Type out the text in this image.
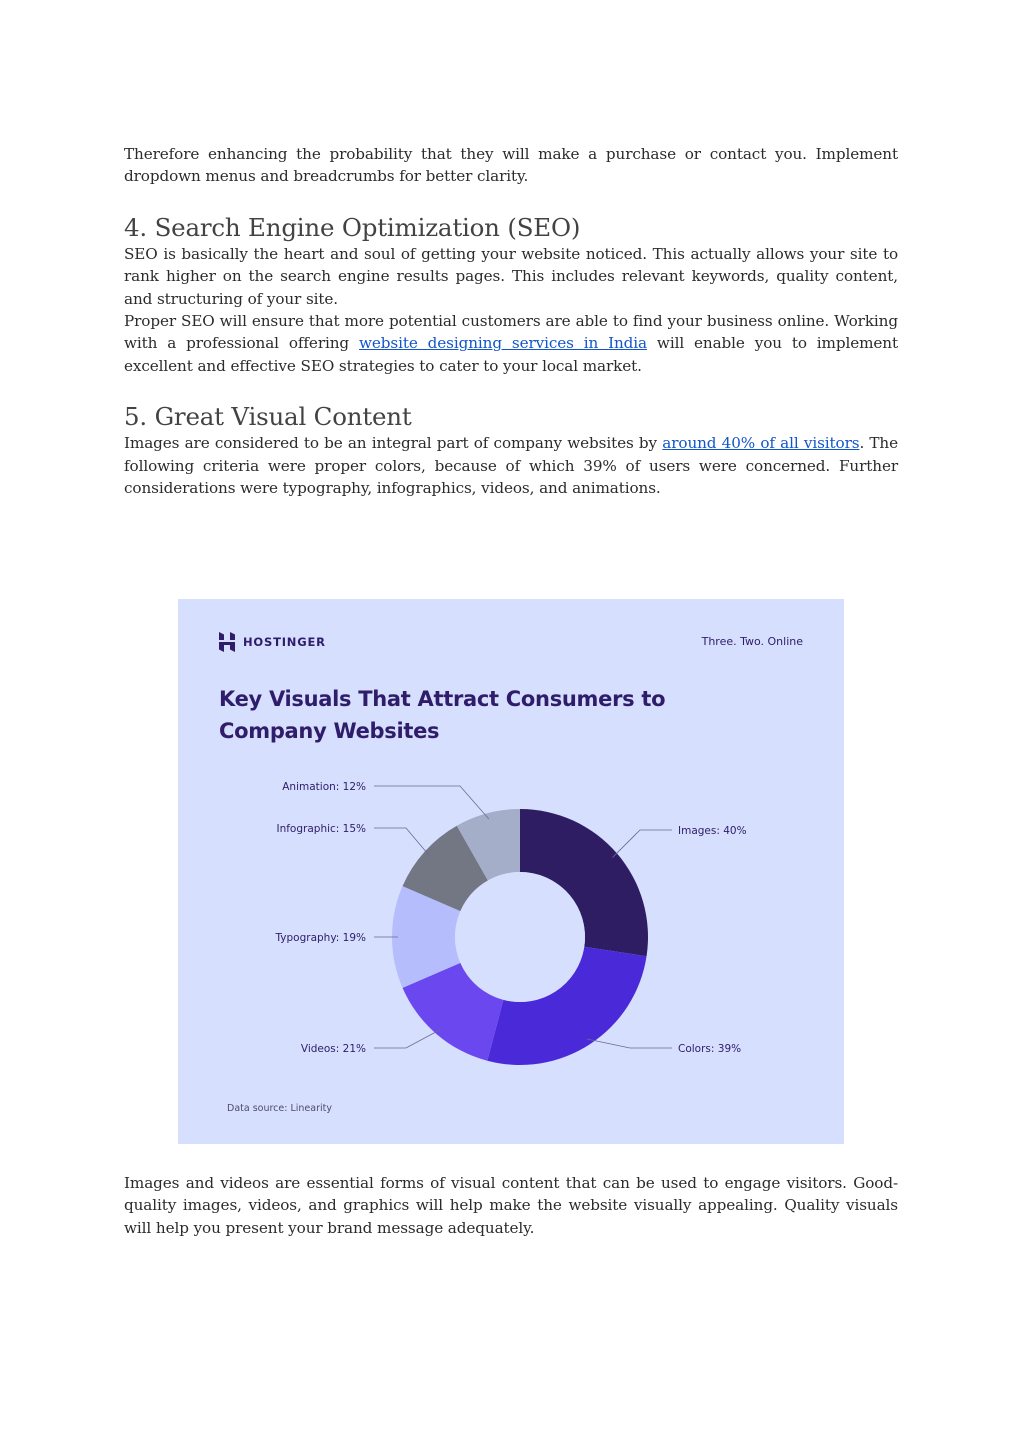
Therefore enhancing the probability that they will make a purchase or contact you. Implement dropdown menus and breadcrumbs for better clarity.

4. Search Engine Optimization (SEO)

SEO is basically the heart and soul of getting your website noticed. This actually allows your site to rank higher on the search engine results pages. This includes relevant keywords, quality content, and structuring of your site.

Proper SEO will ensure that more potential customers are able to find your business online. Working with a professional offering website designing services in India will enable you to implement excellent and effective SEO strategies to cater to your local market.

5. Great Visual Content

Images are considered to be an integral part of company websites by around 40% of all visitors. The following criteria were proper colors, because of which 39% of users were concerned. Further considerations were typography, infographics, videos, and animations.

HOSTINGER	Three. Two. Online
Key Visuals That Attract Consumers to Company Websites
Images: 40%
Colors: 39%
Videos: 21%
Typography: 19%
Infographic: 15%
Animation: 12%
Data source: Linearity

Images and videos are essential forms of visual content that can be used to engage visitors. Good-quality images, videos, and graphics will help make the website visually appealing. Quality visuals will help you present your brand message adequately.
